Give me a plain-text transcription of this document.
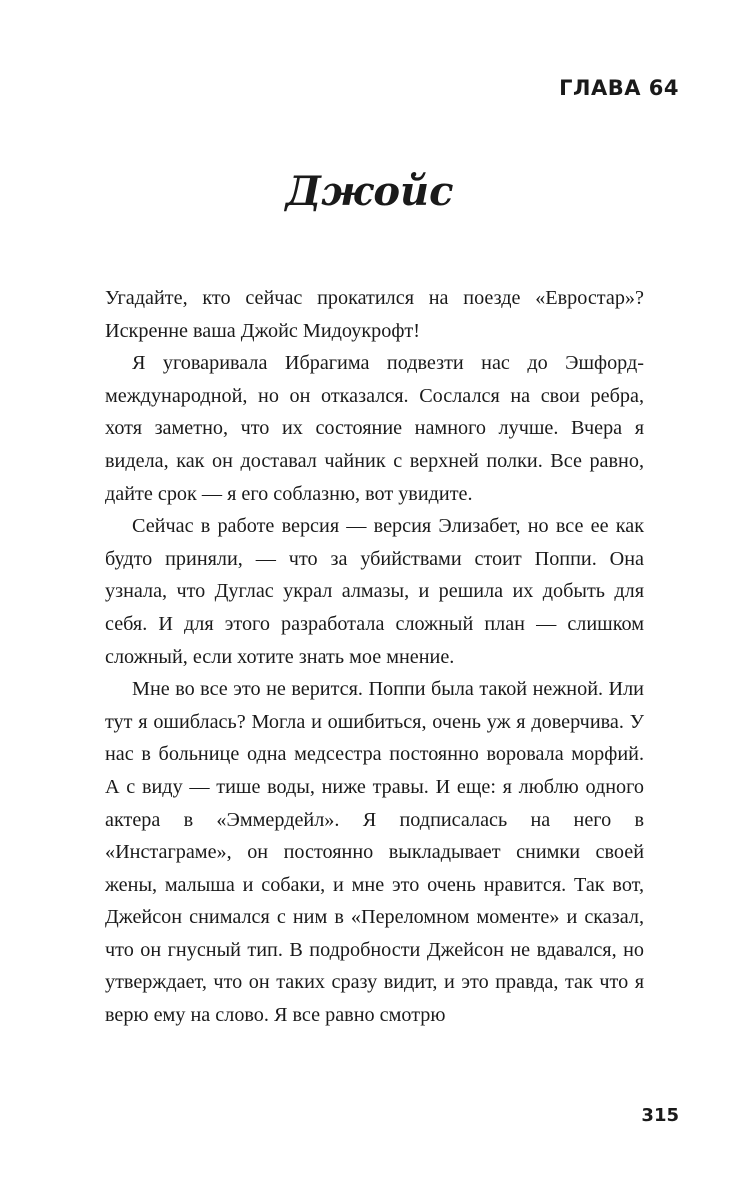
ГЛАВА 64
Джойс

Угадайте, кто сейчас прокатился на поезде «Евростар»? Искренне ваша Джойс Мидоукрофт!

Я уговаривала Ибрагима подвезти нас до Эшфорд-международной, но он отказался. Сослался на свои ребра, хотя заметно, что их состояние намного лучше. Вчера я видела, как он доставал чайник с верхней полки. Все равно, дайте срок — я его соблазню, вот увидите.

Сейчас в работе версия — версия Элизабет, но все ее как будто приняли, — что за убийствами стоит Поппи. Она узнала, что Дуглас украл алмазы, и решила их добыть для себя. И для этого разработала сложный план — слишком сложный, если хотите знать мое мнение.

Мне во все это не верится. Поппи была такой нежной. Или тут я ошиблась? Могла и ошибиться, очень уж я доверчива. У нас в больнице одна медсестра постоянно воровала морфий. А с виду — тише воды, ниже травы. И еще: я люблю одного актера в «Эммердейл». Я подписалась на него в «Инстаграме», он постоянно выкладывает снимки своей жены, малыша и собаки, и мне это очень нравится. Так вот, Джейсон снимался с ним в «Переломном моменте» и сказал, что он гнусный тип. В подробности Джейсон не вдавался, но утверждает, что он таких сразу видит, и это правда, так что я верю ему на слово. Я все равно смотрю

315
